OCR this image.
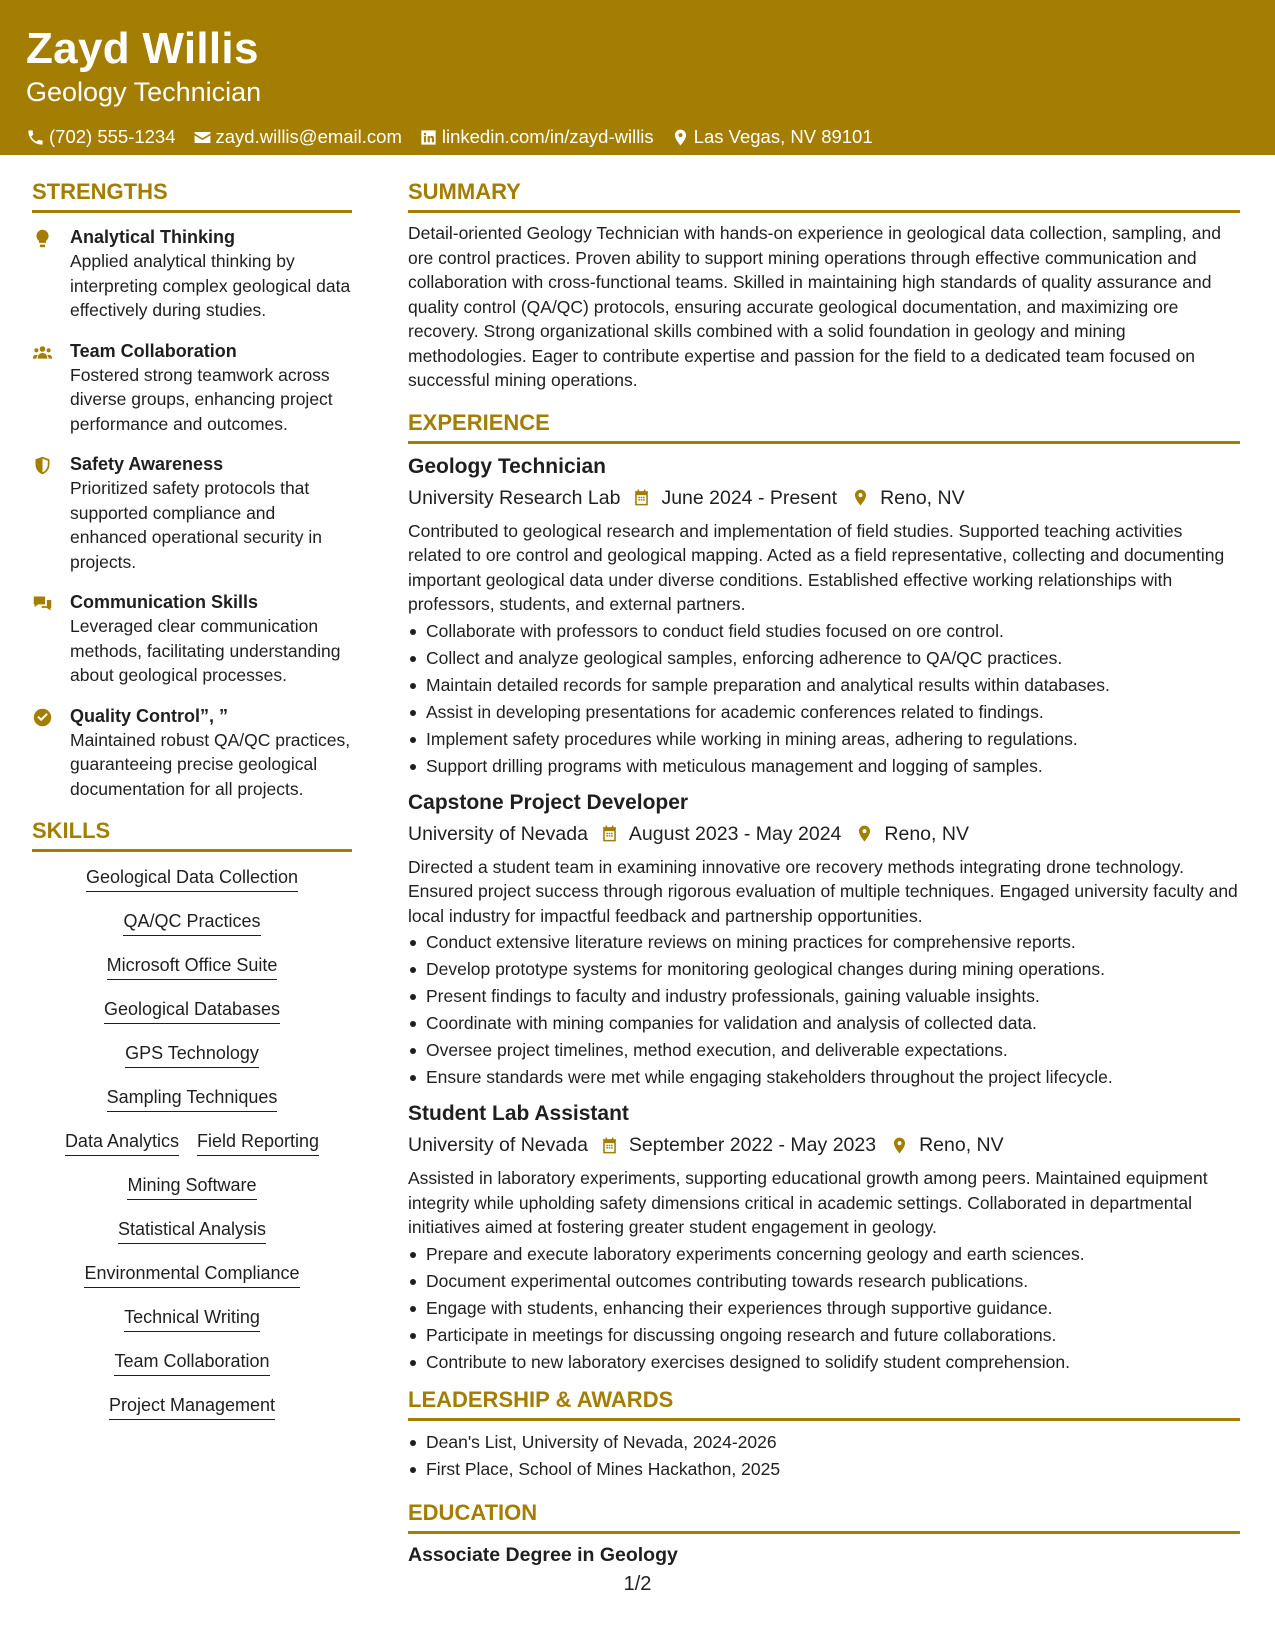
Zayd Willis
Geology Technician
(702) 555-1234 zayd.willis@email.com linkedin.com/in/zayd-willis Las Vegas, NV 89101
STRENGTHS
Analytical Thinking
Applied analytical thinking by interpreting complex geological data effectively during studies.
Team Collaboration
Fostered strong teamwork across diverse groups, enhancing project performance and outcomes.
Safety Awareness
Prioritized safety protocols that supported compliance and enhanced operational security in projects.
Communication Skills
Leveraged clear communication methods, facilitating understanding about geological processes.
Quality Control”, ”
Maintained robust QA/QC practices, guaranteeing precise geological documentation for all projects.
SKILLS
Geological Data Collection
QA/QC Practices
Microsoft Office Suite
Geological Databases
GPS Technology
Sampling Techniques
Data Analytics Field Reporting
Mining Software
Statistical Analysis
Environmental Compliance
Technical Writing
Team Collaboration
Project Management
SUMMARY
Detail-oriented Geology Technician with hands-on experience in geological data collection, sampling, and ore control practices. Proven ability to support mining operations through effective communication and collaboration with cross-functional teams. Skilled in maintaining high standards of quality assurance and quality control (QA/QC) protocols, ensuring accurate geological documentation, and maximizing ore recovery. Strong organizational skills combined with a solid foundation in geology and mining methodologies. Eager to contribute expertise and passion for the field to a dedicated team focused on successful mining operations.
EXPERIENCE
Geology Technician
University Research Lab June 2024 - Present Reno, NV
Contributed to geological research and implementation of field studies. Supported teaching activities related to ore control and geological mapping. Acted as a field representative, collecting and documenting important geological data under diverse conditions. Established effective working relationships with professors, students, and external partners.
Collaborate with professors to conduct field studies focused on ore control.
Collect and analyze geological samples, enforcing adherence to QA/QC practices.
Maintain detailed records for sample preparation and analytical results within databases.
Assist in developing presentations for academic conferences related to findings.
Implement safety procedures while working in mining areas, adhering to regulations.
Support drilling programs with meticulous management and logging of samples.
Capstone Project Developer
University of Nevada August 2023 - May 2024 Reno, NV
Directed a student team in examining innovative ore recovery methods integrating drone technology. Ensured project success through rigorous evaluation of multiple techniques. Engaged university faculty and local industry for impactful feedback and partnership opportunities.
Conduct extensive literature reviews on mining practices for comprehensive reports.
Develop prototype systems for monitoring geological changes during mining operations.
Present findings to faculty and industry professionals, gaining valuable insights.
Coordinate with mining companies for validation and analysis of collected data.
Oversee project timelines, method execution, and deliverable expectations.
Ensure standards were met while engaging stakeholders throughout the project lifecycle.
Student Lab Assistant
University of Nevada September 2022 - May 2023 Reno, NV
Assisted in laboratory experiments, supporting educational growth among peers. Maintained equipment integrity while upholding safety dimensions critical in academic settings. Collaborated in departmental initiatives aimed at fostering greater student engagement in geology.
Prepare and execute laboratory experiments concerning geology and earth sciences.
Document experimental outcomes contributing towards research publications.
Engage with students, enhancing their experiences through supportive guidance.
Participate in meetings for discussing ongoing research and future collaborations.
Contribute to new laboratory exercises designed to solidify student comprehension.
LEADERSHIP & AWARDS
Dean's List, University of Nevada, 2024-2026
First Place, School of Mines Hackathon, 2025
EDUCATION
Associate Degree in Geology
1/2
